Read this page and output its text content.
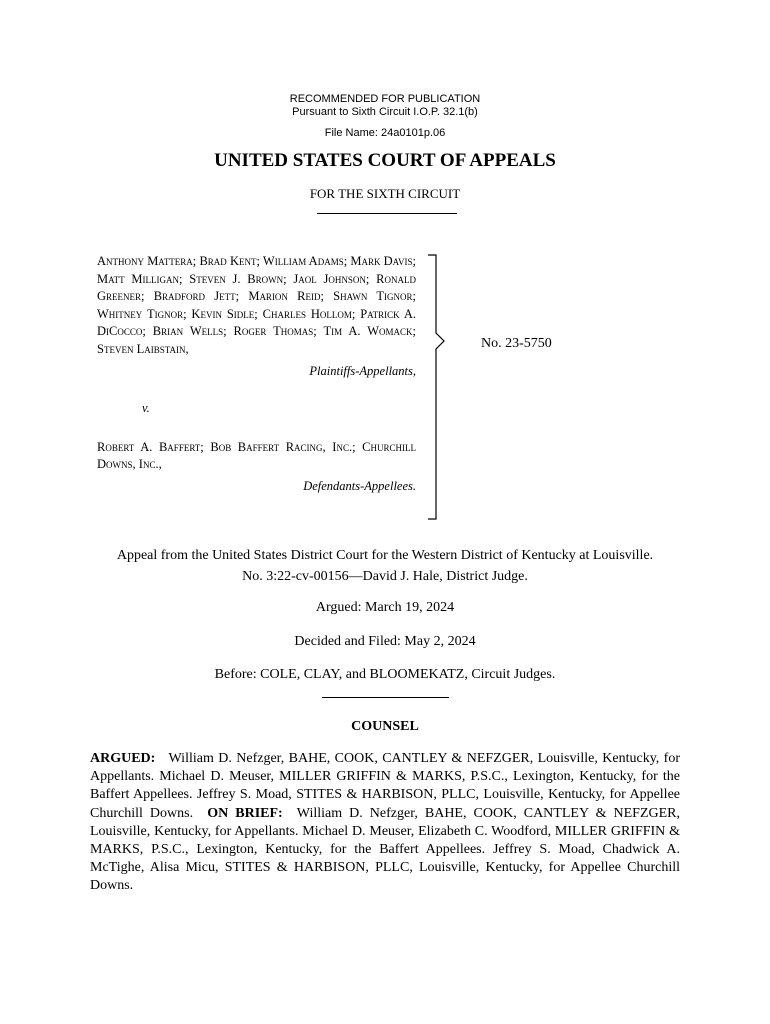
RECOMMENDED FOR PUBLICATION
Pursuant to Sixth Circuit I.O.P. 32.1(b)
File Name: 24a0101p.06
UNITED STATES COURT OF APPEALS
FOR THE SIXTH CIRCUIT
Anthony Mattera; Brad Kent; William Adams; Mark Davis; Matt Milligan; Steven J. Brown; Jaol Johnson; Ronald Greener; Bradford Jett; Marion Reid; Shawn Tignor; Whitney Tignor; Kevin Sidle; Charles Hollom; Patrick A. DiCocco; Brian Wells; Roger Thomas; Tim A. Womack; Steven Laibstain,
Plaintiffs-Appellants,
v.
Robert A. Baffert; Bob Baffert Racing, Inc.; Churchill Downs, Inc.,
Defendants-Appellees.
No. 23-5750
Appeal from the United States District Court for the Western District of Kentucky at Louisville.
No. 3:22-cv-00156—David J. Hale, District Judge.
Argued: March 19, 2024
Decided and Filed: May 2, 2024
Before: COLE, CLAY, and BLOOMEKATZ, Circuit Judges.
COUNSEL
ARGUED: William D. Nefzger, BAHE, COOK, CANTLEY & NEFZGER, Louisville, Kentucky, for Appellants. Michael D. Meuser, MILLER GRIFFIN & MARKS, P.S.C., Lexington, Kentucky, for the Baffert Appellees. Jeffrey S. Moad, STITES & HARBISON, PLLC, Louisville, Kentucky, for Appellee Churchill Downs. ON BRIEF: William D. Nefzger, BAHE, COOK, CANTLEY & NEFZGER, Louisville, Kentucky, for Appellants. Michael D. Meuser, Elizabeth C. Woodford, MILLER GRIFFIN & MARKS, P.S.C., Lexington, Kentucky, for the Baffert Appellees. Jeffrey S. Moad, Chadwick A. McTighe, Alisa Micu, STITES & HARBISON, PLLC, Louisville, Kentucky, for Appellee Churchill Downs.
